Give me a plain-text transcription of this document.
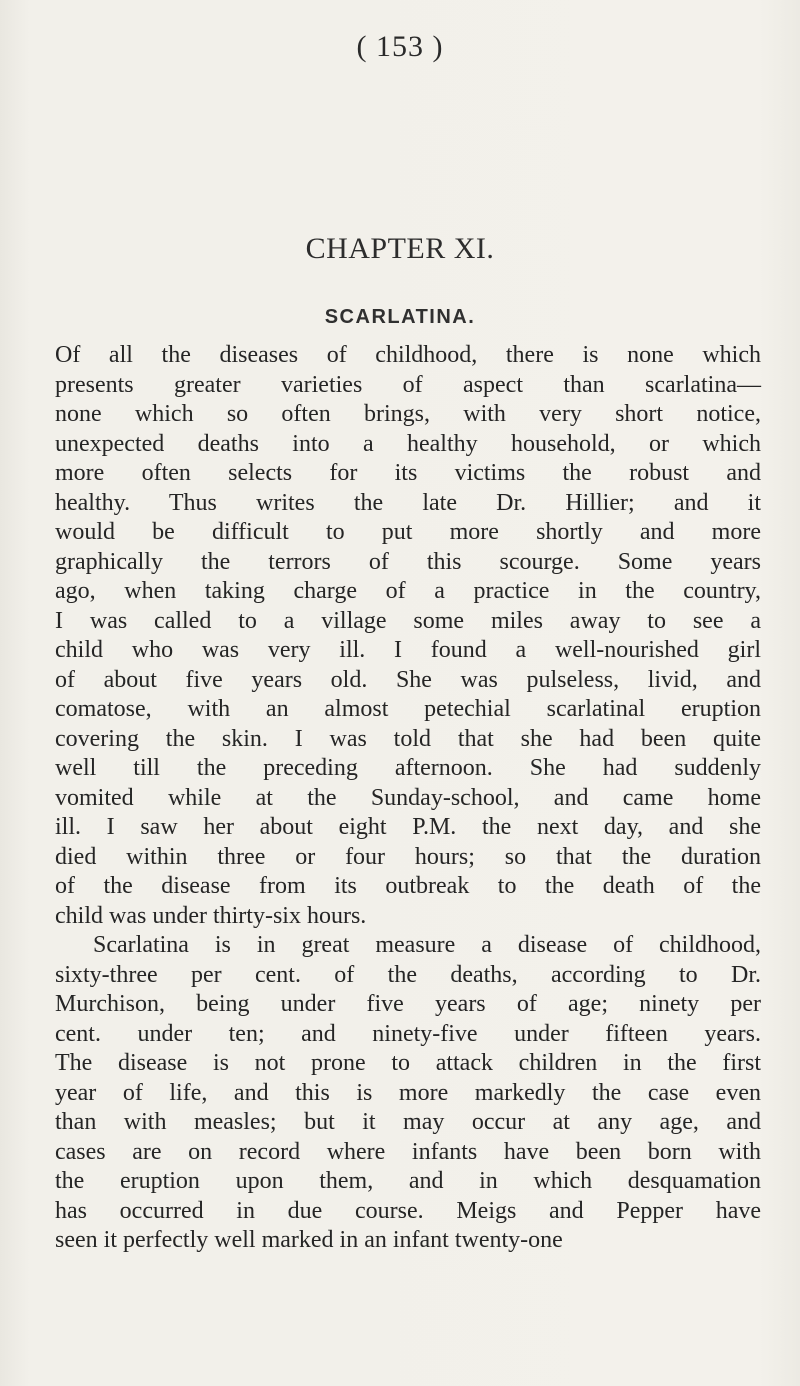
( 153 )
CHAPTER XI.
SCARLATINA.
Of all the diseases of childhood, there is none which
presents greater varieties of aspect than scarlatina—
none which so often brings, with very short notice,
unexpected deaths into a healthy household, or which
more often selects for its victims the robust and
healthy. Thus writes the late Dr. Hillier; and it
would be difficult to put more shortly and more
graphically the terrors of this scourge. Some years
ago, when taking charge of a practice in the country,
I was called to a village some miles away to see a
child who was very ill. I found a well-nourished girl
of about five years old. She was pulseless, livid, and
comatose, with an almost petechial scarlatinal eruption
covering the skin. I was told that she had been quite
well till the preceding afternoon. She had suddenly
vomited while at the Sunday-school, and came home
ill. I saw her about eight P.M. the next day, and she
died within three or four hours; so that the duration
of the disease from its outbreak to the death of the
child was under thirty-six hours.
Scarlatina is in great measure a disease of childhood,
sixty-three per cent. of the deaths, according to Dr.
Murchison, being under five years of age; ninety per
cent. under ten; and ninety-five under fifteen years.
The disease is not prone to attack children in the first
year of life, and this is more markedly the case even
than with measles; but it may occur at any age, and
cases are on record where infants have been born with
the eruption upon them, and in which desquamation
has occurred in due course. Meigs and Pepper have
seen it perfectly well marked in an infant twenty-one
